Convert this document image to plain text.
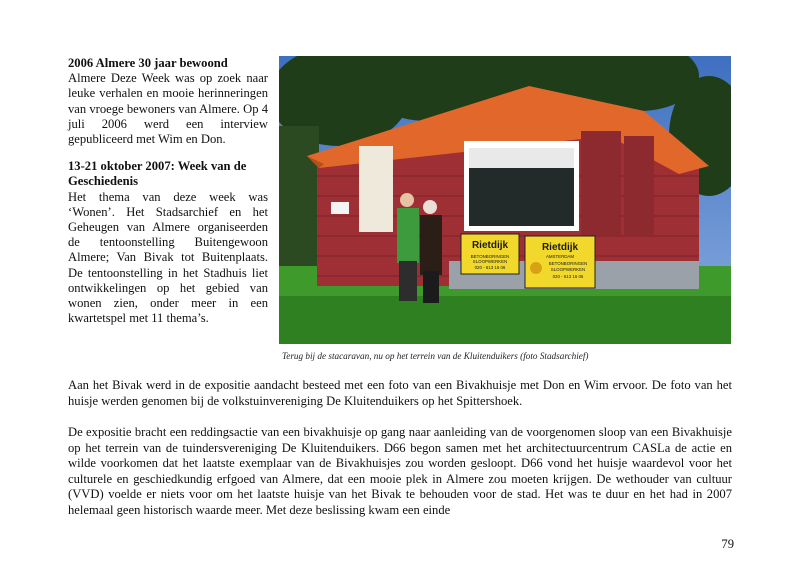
2006 Almere 30 jaar bewoond

Almere Deze Week was op zoek naar leuke verhalen en mooie herinneringen van vroege bewoners van Almere. Op 4 juli 2006 werd een interview gepubliceerd met Wim en Don.

13-21 oktober 2007: Week van de Geschiedenis

Het thema van deze week was ‘Wonen’. Het Stadsarchief en het Geheugen van Almere organiseerden de tentoonstelling Buitengewoon Almere; Van Bivak tot Buitenplaats. De tentoonstelling in het Stadhuis liet ontwikkelingen op het gebied van wonen zien, onder meer in een kwartetspel met 11 thema’s.

Rietdijk
BETONBORINGEN
SLOOPWERKEN
020 - 613 16 06
Rietdijk
AMSTERDAM
BETONBORINGEN
SLOOPWERKEN
020 - 613 16 06
Terug bij de stacaravan, nu op het terrein van de Kluitenduikers (foto Stadsarchief)

Aan het Bivak werd in de expositie aandacht besteed met een foto van een Bivakhuisje met Don en Wim ervoor. De foto van het huisje werden genomen bij de volkstuinvereniging De Kluitenduikers op het Spittershoek.

De expositie bracht een reddingsactie van een bivakhuisje op gang naar aanleiding van de voorgenomen sloop van een Bivakhuisje op het terrein van de tuindersvereniging De Kluitenduikers. D66 begon samen met het architectuurcentrum CASLa de actie en wilde voorkomen dat het laatste exemplaar van de Bivakhuisjes zou worden gesloopt. D66 vond het huisje waardevol voor het culturele en geschiedkundig erfgoed van Almere, dat een mooie plek in Almere zou moeten krijgen. De wethouder van cultuur (VVD) voelde er niets voor om het laatste huisje van het Bivak te behouden voor de stad. Het was te duur en het had in 2007 helemaal geen historisch waarde meer. Met deze beslissing kwam een einde

79
